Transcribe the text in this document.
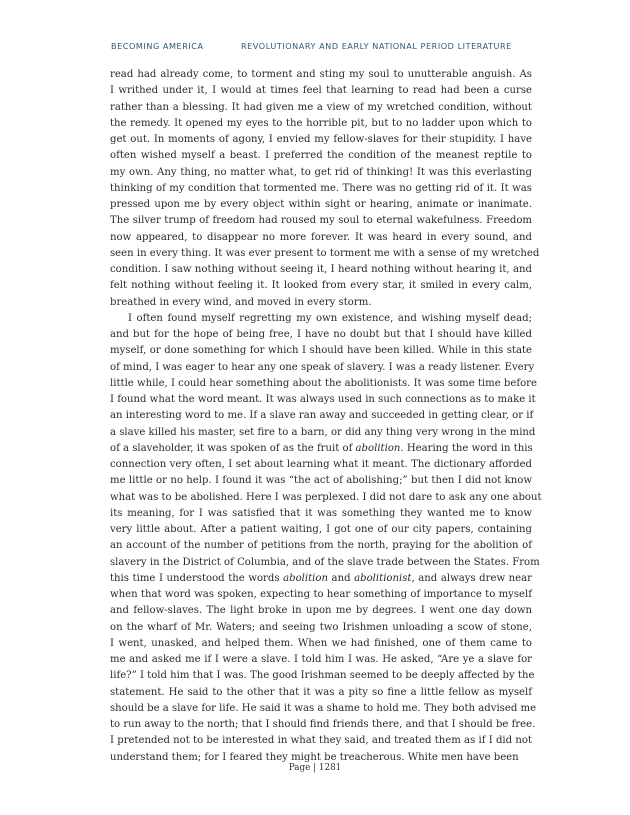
BECOMING AMERICA	REVOLUTIONARY AND EARLY NATIONAL PERIOD LITERATURE
read had already come, to torment and sting my soul to unutterable anguish. As
I writhed under it, I would at times feel that learning to read had been a curse
rather than a blessing. It had given me a view of my wretched condition, without
the remedy. It opened my eyes to the horrible pit, but to no ladder upon which to
get out. In moments of agony, I envied my fellow-slaves for their stupidity. I have
often wished myself a beast. I preferred the condition of the meanest reptile to
my own. Any thing, no matter what, to get rid of thinking! It was this everlasting
thinking of my condition that tormented me. There was no getting rid of it. It was
pressed upon me by every object within sight or hearing, animate or inanimate.
The silver trump of freedom had roused my soul to eternal wakefulness. Freedom
now appeared, to disappear no more forever. It was heard in every sound, and
seen in every thing. It was ever present to torment me with a sense of my wretched
condition. I saw nothing without seeing it, I heard nothing without hearing it, and
felt nothing without feeling it. It looked from every star, it smiled in every calm,
breathed in every wind, and moved in every storm.
I often found myself regretting my own existence, and wishing myself dead;
and but for the hope of being free, I have no doubt but that I should have killed
myself, or done something for which I should have been killed. While in this state
of mind, I was eager to hear any one speak of slavery. I was a ready listener. Every
little while, I could hear something about the abolitionists. It was some time before
I found what the word meant. It was always used in such connections as to make it
an interesting word to me. If a slave ran away and succeeded in getting clear, or if
a slave killed his master, set fire to a barn, or did any thing very wrong in the mind
of a slaveholder, it was spoken of as the fruit of abolition. Hearing the word in this
connection very often, I set about learning what it meant. The dictionary afforded
me little or no help. I found it was “the act of abolishing;” but then I did not know
what was to be abolished. Here I was perplexed. I did not dare to ask any one about
its meaning, for I was satisfied that it was something they wanted me to know
very little about. After a patient waiting, I got one of our city papers, containing
an account of the number of petitions from the north, praying for the abolition of
slavery in the District of Columbia, and of the slave trade between the States. From
this time I understood the words abolition and abolitionist, and always drew near
when that word was spoken, expecting to hear something of importance to myself
and fellow-slaves. The light broke in upon me by degrees. I went one day down
on the wharf of Mr. Waters; and seeing two Irishmen unloading a scow of stone,
I went, unasked, and helped them. When we had finished, one of them came to
me and asked me if I were a slave. I told him I was. He asked, “Are ye a slave for
life?” I told him that I was. The good Irishman seemed to be deeply affected by the
statement. He said to the other that it was a pity so fine a little fellow as myself
should be a slave for life. He said it was a shame to hold me. They both advised me
to run away to the north; that I should find friends there, and that I should be free.
I pretended not to be interested in what they said, and treated them as if I did not
understand them; for I feared they might be treacherous. White men have been
Page | 1281
